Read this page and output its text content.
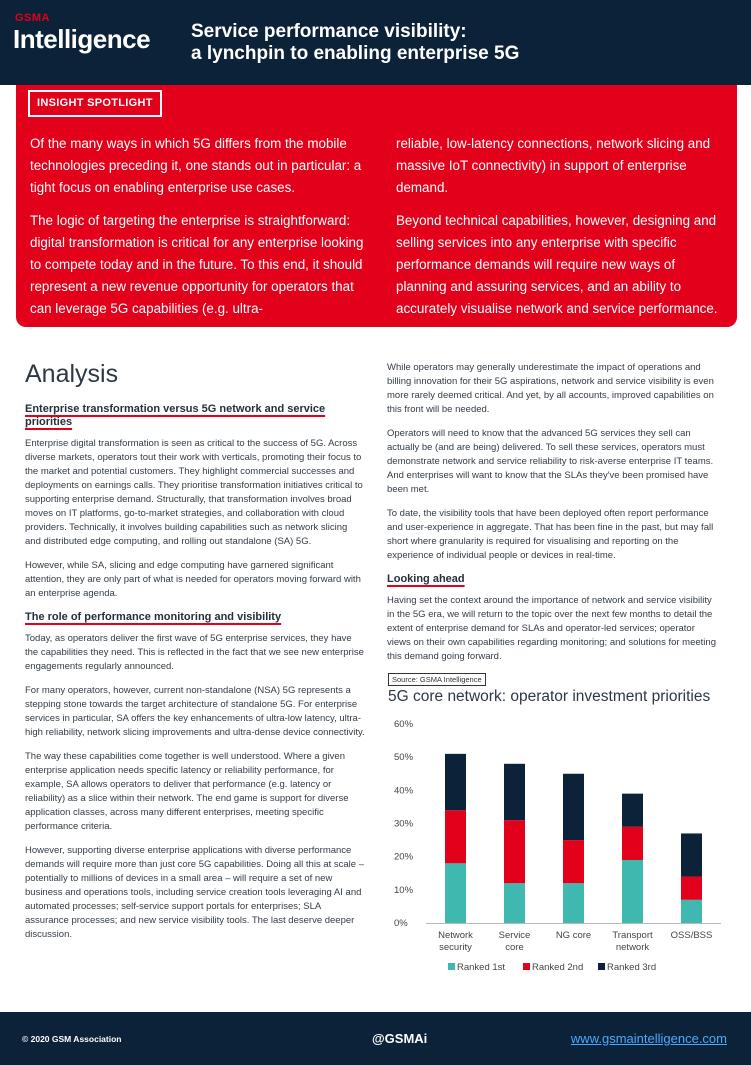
GSMA
Intelligence Service performance visibility:
a lynchpin to enabling enterprise 5G
INSIGHT SPOTLIGHT

Of the many ways in which 5G differs from the mobile technologies preceding it, one stands out in particular: a tight focus on enabling enterprise use cases.

The logic of targeting the enterprise is straightforward: digital transformation is critical for any enterprise looking to compete today and in the future. To this end, it should represent a new revenue opportunity for operators that can leverage 5G capabilities (e.g. ultra-

reliable, low-latency connections, network slicing and massive IoT connectivity) in support of enterprise demand.

Beyond technical capabilities, however, designing and selling services into any enterprise with specific performance demands will require new ways of planning and assuring services, and an ability to accurately visualise network and service performance.

Analysis
Enterprise transformation versus 5G network and service priorities

Enterprise digital transformation is seen as critical to the success of 5G. Across diverse markets, operators tout their work with verticals, promoting their focus to the market and potential customers. They highlight commercial successes and deployments on earnings calls. They prioritise transformation initiatives critical to supporting enterprise demand. Structurally, that transformation involves broad moves on IT platforms, go-to-market strategies, and collaboration with cloud providers. Technically, it involves building capabilities such as network slicing and distributed edge computing, and rolling out standalone (SA) 5G.

However, while SA, slicing and edge computing have garnered significant attention, they are only part of what is needed for operators moving forward with an enterprise agenda.

The role of performance monitoring and visibility

Today, as operators deliver the first wave of 5G enterprise services, they have the capabilities they need. This is reflected in the fact that we see new enterprise engagements regularly announced.

For many operators, however, current non-standalone (NSA) 5G represents a stepping stone towards the target architecture of standalone 5G. For enterprise services in particular, SA offers the key enhancements of ultra-low latency, ultra-high reliability, network slicing improvements and ultra-dense device connectivity.

The way these capabilities come together is well understood. Where a given enterprise application needs specific latency or reliability performance, for example, SA allows operators to deliver that performance (e.g. latency or reliability) as a slice within their network. The end game is support for diverse application classes, across many different enterprises, meeting specific performance criteria.

However, supporting diverse enterprise applications with diverse performance demands will require more than just core 5G capabilities. Doing all this at scale – potentially to millions of devices in a small area – will require a set of new business and operations tools, including service creation tools leveraging AI and automated processes; self-service support portals for enterprises; SLA assurance processes; and new service visibility tools. The last deserve deeper discussion.

While operators may generally underestimate the impact of operations and billing innovation for their 5G aspirations, network and service visibility is even more rarely deemed critical. And yet, by all accounts, improved capabilities on this front will be needed.

Operators will need to know that the advanced 5G services they sell can actually be (and are being) delivered. To sell these services, operators must demonstrate network and service reliability to risk-averse enterprise IT teams. And enterprises will want to know that the SLAs they've been promised have been met.

To date, the visibility tools that have been deployed often report performance and user-experience in aggregate. That has been fine in the past, but may fall short where granularity is required for visualising and reporting on the experience of individual people or devices in real-time.

Looking ahead

Having set the context around the importance of network and service visibility in the 5G era, we will return to the topic over the next few months to detail the extent of enterprise demand for SLAs and operator-led services; operator views on their own capabilities regarding monitoring; and solutions for meeting this demand going forward.

Source: GSMA Intelligence
5G core network: operator investment priorities
0%
10%
20%
30%
40%
50%
60%
Network
security
Service
core
NG core Transport
network
OSS/BSS
Ranked 1st	Ranked 2nd	Ranked 3rd
© 2020 GSM Association	@GSMAi	www.gsmaintelligence.com
